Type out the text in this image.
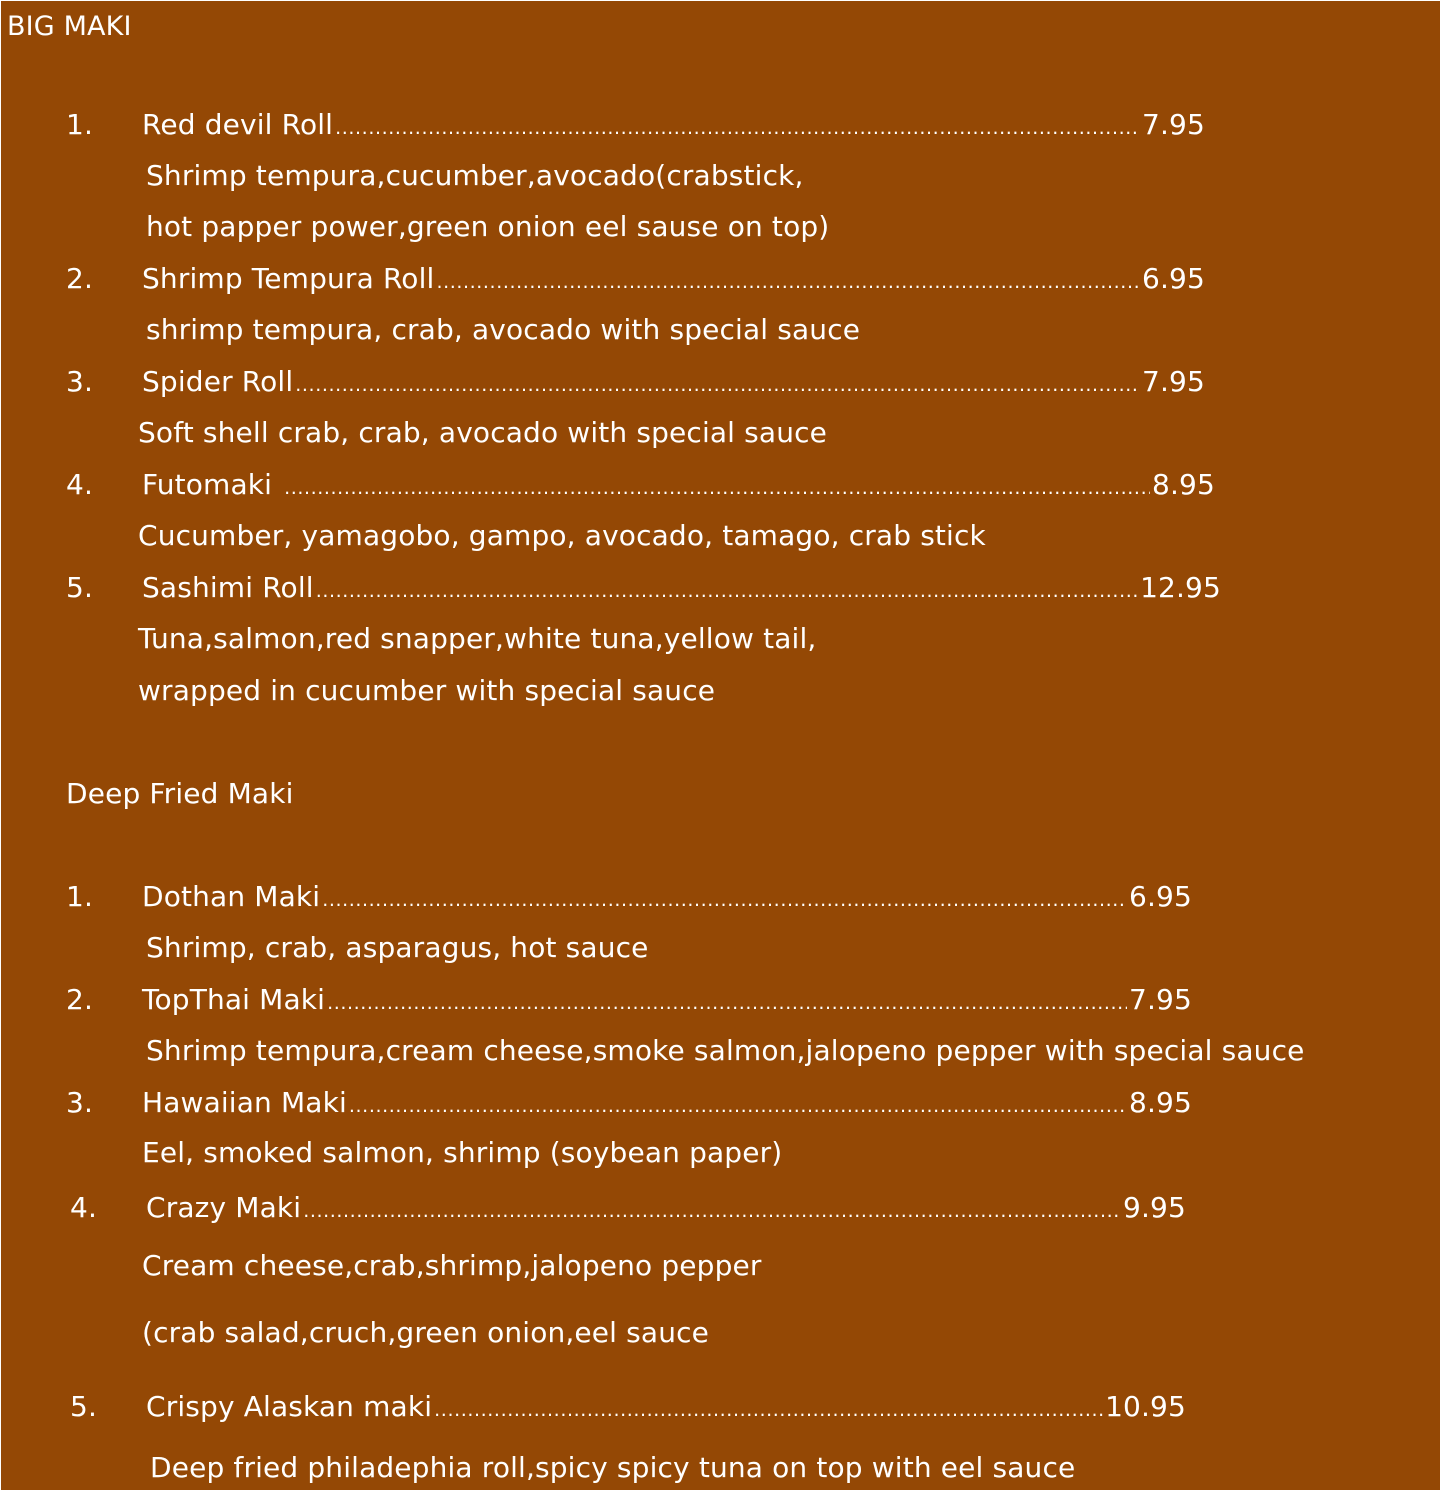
BIG MAKI
1. Red devil Roll .....	7.95
Shrimp tempura,cucumber,avocado(crabstick,
hot papper power,green onion eel sause on top)
2. Shrimp Tempura Roll .....	6.95
shrimp tempura, crab, avocado with special sauce
3. Spider Roll .....	7.95
Soft shell crab, crab, avocado with special sauce
4. Futomaki .....	8.95
Cucumber, yamagobo, gampo, avocado, tamago, crab stick
5. Sashimi Roll .....	12.95
Tuna,salmon,red snapper,white tuna,yellow tail,
wrapped in cucumber with special sauce
Deep Fried Maki
1. Dothan Maki .....	6.95
Shrimp, crab, asparagus, hot sauce
2. TopThai Maki .....	7.95
Shrimp tempura,cream cheese,smoke salmon,jalopeno pepper with special sauce
3. Hawaiian Maki .....	8.95
Eel, smoked salmon, shrimp (soybean paper)
4. Crazy Maki .....	9.95
Cream cheese,crab,shrimp,jalopeno pepper
(crab salad,cruch,green onion,eel sauce
5. Crispy Alaskan maki .....	10.95
Deep fried philadephia roll,spicy spicy tuna on top with eel sauce
